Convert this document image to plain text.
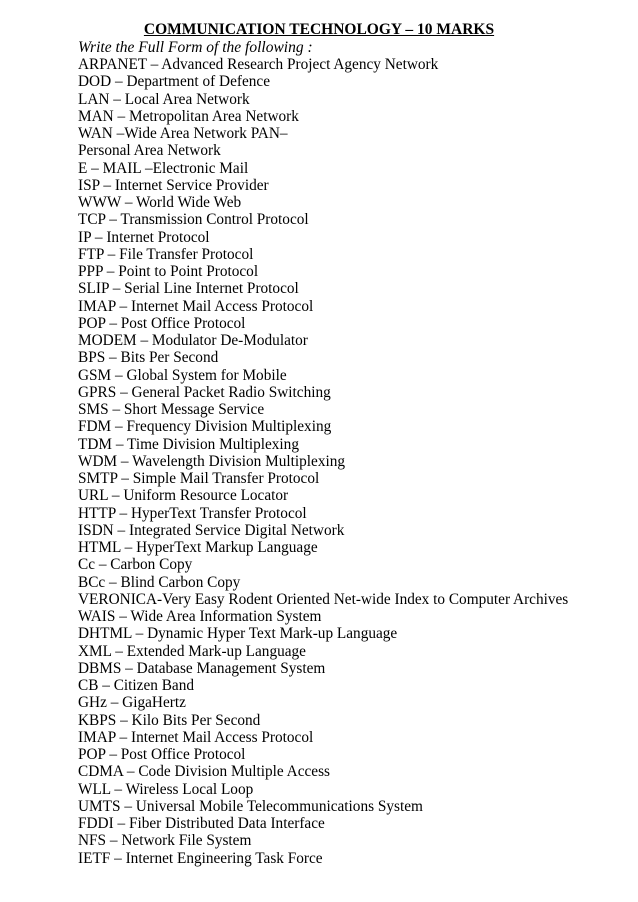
COMMUNICATION TECHNOLOGY – 10 MARKS
Write the Full Form of the following :
ARPANET – Advanced Research Project Agency Network
DOD – Department of Defence
LAN – Local Area Network
MAN – Metropolitan Area Network
WAN –Wide Area Network PAN–
Personal Area Network
E – MAIL –Electronic Mail
ISP – Internet Service Provider
WWW – World Wide Web
TCP – Transmission Control Protocol
IP – Internet Protocol
FTP – File Transfer Protocol
PPP – Point to Point Protocol
SLIP – Serial Line Internet Protocol
IMAP – Internet Mail Access Protocol
POP – Post Office Protocol
MODEM – Modulator De-Modulator
BPS – Bits Per Second
GSM – Global System for Mobile
GPRS – General Packet Radio Switching
SMS – Short Message Service
FDM – Frequency Division Multiplexing
TDM – Time Division Multiplexing
WDM – Wavelength Division Multiplexing
SMTP – Simple Mail Transfer Protocol
URL – Uniform Resource Locator
HTTP – HyperText Transfer Protocol
ISDN – Integrated Service Digital Network
HTML – HyperText Markup Language
Cc – Carbon Copy
BCc – Blind Carbon Copy
VERONICA-Very Easy Rodent Oriented Net-wide Index to Computer Archives
WAIS – Wide Area Information System
DHTML – Dynamic Hyper Text Mark-up Language
XML – Extended Mark-up Language
DBMS – Database Management System
CB – Citizen Band
GHz – GigaHertz
KBPS – Kilo Bits Per Second
IMAP – Internet Mail Access Protocol
POP – Post Office Protocol
CDMA – Code Division Multiple Access
WLL – Wireless Local Loop
UMTS – Universal Mobile Telecommunications System
FDDI – Fiber Distributed Data Interface
NFS – Network File System
IETF – Internet Engineering Task Force
